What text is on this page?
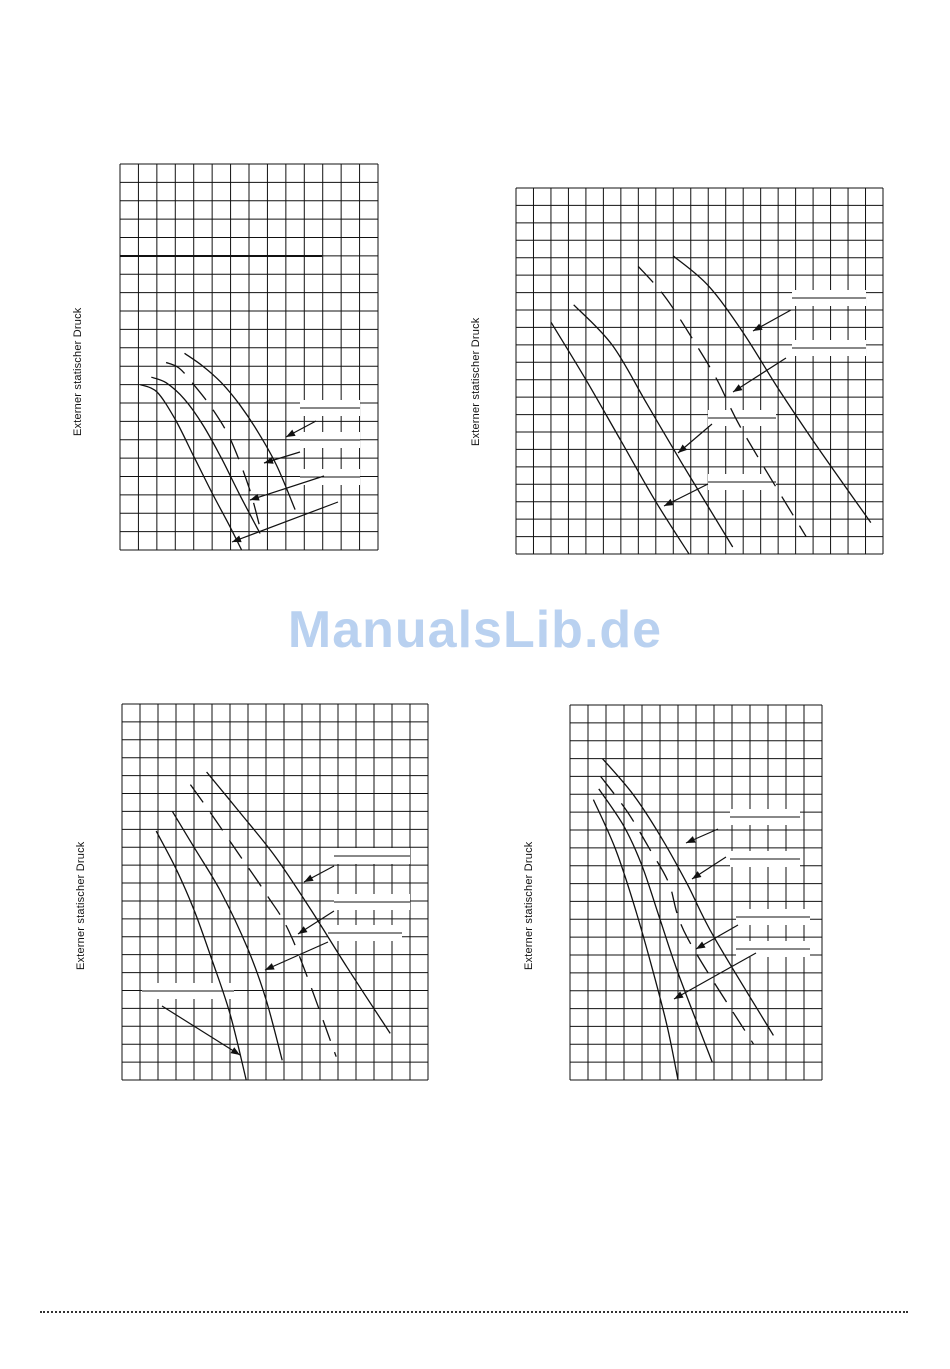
ManualsLib.de
Externer statischer Druck	Externer statischer Druck
Externer statischer Druck	Externer statischer Druck
